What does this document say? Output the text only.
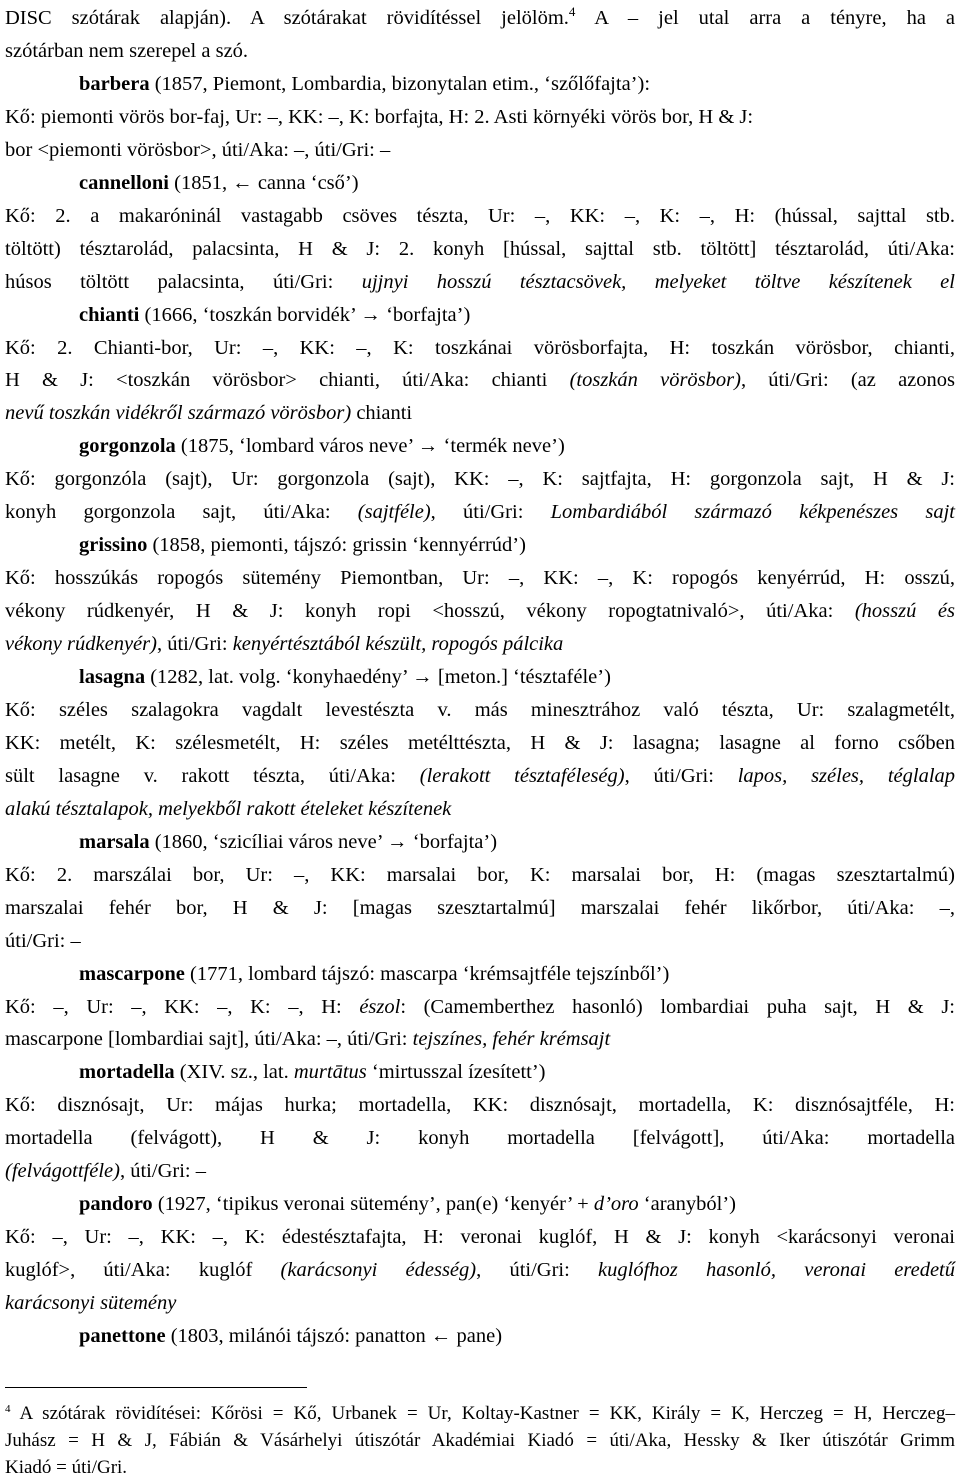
DISC szótárak alapján). A szótárakat rövidítéssel jelölöm.$^4$ A – jel utal arra a tényre, ha a
szótárban nem szerepel a szó.
barbera (1857, Piemont, Lombardia, bizonytalan etim., ‘szőlőfajta’):
Kő: piemonti vörös bor-faj, Ur: –, KK: –, K: borfajta, H: 2. Asti környéki vörös bor, H & J:
bor <piemonti vörösbor>, úti/Aka: –, úti/Gri: –
cannelloni (1851, ← canna ‘cső’)
Kő: 2. a makaróninál vastagabb csöves tészta, Ur: –, KK: –, K: –, H: (hússal, sajttal stb.
töltött) tésztarolád, palacsinta, H & J: 2. konyh [hússal, sajttal stb. töltött] tésztarolád, úti/Aka:
húsos töltött palacsinta, úti/Gri: ujjnyi hosszú tésztacsövek, melyeket töltve készítenek el
chianti (1666, ‘toszkán borvidék’ → ‘borfajta’)
Kő: 2. Chianti-bor, Ur: –, KK: –, K: toszkánai vörösborfajta, H: toszkán vörösbor, chianti,
H & J: <toszkán vörösbor> chianti, úti/Aka: chianti (toszkán vörösbor), úti/Gri: (az azonos
nevű toszkán vidékről származó vörösbor) chianti
gorgonzola (1875, ‘lombard város neve’ → ‘termék neve’)
Kő: gorgonzóla (sajt), Ur: gorgonzola (sajt), KK: –, K: sajtfajta, H: gorgonzola sajt, H & J:
konyh gorgonzola sajt, úti/Aka: (sajtféle), úti/Gri: Lombardiából származó kékpenészes sajt
grissino (1858, piemonti, tájszó: grissin ‘kennyérrúd’)
Kő: hosszúkás ropogós sütemény Piemontban, Ur: –, KK: –, K: ropogós kenyérrúd, H: osszú,
vékony rúdkenyér, H & J: konyh ropi <hosszú, vékony ropogtatnivaló>, úti/Aka: (hosszú és
vékony rúdkenyér), úti/Gri: kenyértésztából készült, ropogós pálcika
lasagna (1282, lat. volg. ‘konyhaedény’ → [meton.] ‘tésztaféle’)
Kő: széles szalagokra vagdalt levestészta v. más minesztrához való tészta, Ur: szalagmetélt,
KK: metélt, K: szélesmetélt, H: széles metélttészta, H & J: lasagna; lasagne al forno csőben
sült lasagne v. rakott tészta, úti/Aka: (lerakott tésztaféleség), úti/Gri: lapos, széles, téglalap
alakú tésztalapok, melyekből rakott ételeket készítenek
marsala (1860, ‘szicíliai város neve’ → ‘borfajta’)
Kő: 2. marszálai bor, Ur: –, KK: marsalai bor, K: marsalai bor, H: (magas szesztartalmú)
marszalai fehér bor, H & J: [magas szesztartalmú] marszalai fehér likőrbor, úti/Aka: –,
úti/Gri: –
mascarpone (1771, lombard tájszó: mascarpa ‘krémsajtféle tejszínből’)
Kő: –, Ur: –, KK: –, K: –, H: észol: (Camemberthez hasonló) lombardiai puha sajt, H & J:
mascarpone [lombardiai sajt], úti/Aka: –, úti/Gri: tejszínes, fehér krémsajt
mortadella (XIV. sz., lat. murtātus ‘mirtusszal ízesített’)
Kő: disznósajt, Ur: májas hurka; mortadella, KK: disznósajt, mortadella, K: disznósajtféle, H:
mortadella (felvágott), H & J: konyh mortadella [felvágott], úti/Aka: mortadella
(felvágottféle), úti/Gri: –
pandoro (1927, ‘tipikus veronai sütemény’, pan(e) ‘kenyér’ + d’oro ‘aranyból’)
Kő: –, Ur: –, KK: –, K: édestésztafajta, H: veronai kuglóf, H & J: konyh <karácsonyi veronai
kuglóf>, úti/Aka: kuglóf (karácsonyi édesség), úti/Gri: kuglófhoz hasonló, veronai eredetű
karácsonyi sütemény
panettone (1803, milánói tájszó: panatton ← pane)
$^4$ A szótárak rövidítései: Kőrösi = Kő, Urbanek = Ur, Koltay-Kastner = KK, Király = K, Herczeg = H, Herczeg–
Juhász = H & J, Fábián & Vásárhelyi útiszótár Akadémiai Kiadó = úti/Aka, Hessky & Iker útiszótár Grimm
Kiadó = úti/Gri.
